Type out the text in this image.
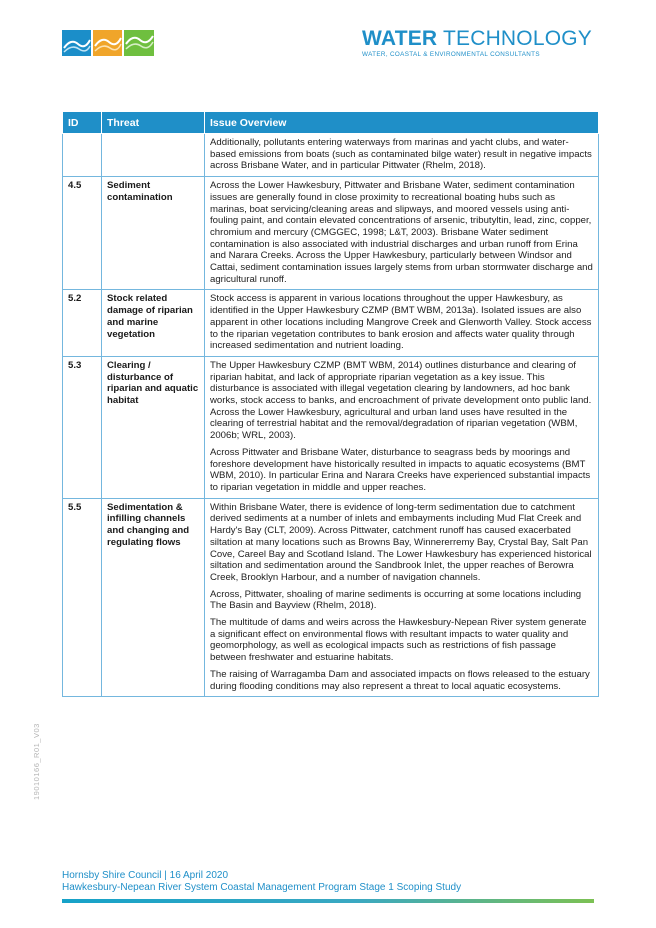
WATER TECHNOLOGY
WATER, COASTAL & ENVIRONMENTAL CONSULTANTS
ID	Threat	Issue Overview

		Additionally, pollutants entering waterways from marinas and yacht clubs, and water-based emissions from boats (such as contaminated bilge water) result in negative impacts across Brisbane Water, and in particular Pittwater (Rhelm, 2018).

4.5	Sediment contamination	Across the Lower Hawkesbury, Pittwater and Brisbane Water, sediment contamination issues are generally found in close proximity to recreational boating hubs such as marinas, boat servicing/cleaning areas and slipways, and moored vessels using anti-fouling paint, and contain elevated concentrations of arsenic, tributyltin, lead, zinc, copper, chromium and mercury (CMGGEC, 1998; L&T, 2003). Brisbane Water sediment contamination is also associated with industrial discharges and urban runoff from Erina and Narara Creeks. Across the Upper Hawkesbury, particularly between Windsor and Cattai, sediment contamination issues largely stems from urban stormwater discharge and agricultural runoff.

5.2	Stock related damage of riparian and marine vegetation	Stock access is apparent in various locations throughout the upper Hawkesbury, as identified in the Upper Hawkesbury CZMP (BMT WBM, 2013a). Isolated issues are also apparent in other locations including Mangrove Creek and Glenworth Valley. Stock access to the riparian vegetation contributes to bank erosion and affects water quality through increased sedimentation and nutrient loading.

5.3	Clearing / disturbance of riparian and aquatic habitat	The Upper Hawkesbury CZMP (BMT WBM, 2014) outlines disturbance and clearing of riparian habitat, and lack of appropriate riparian vegetation as a key issue. This disturbance is associated with illegal vegetation clearing by landowners, ad hoc bank works, stock access to banks, and encroachment of private development onto public land. Across the Lower Hawkesbury, agricultural and urban land uses have resulted in the clearing of terrestrial habitat and the removal/degradation of riparian vegetation (WBM, 2006b; WRL, 2003).

Across Pittwater and Brisbane Water, disturbance to seagrass beds by moorings and foreshore development have historically resulted in impacts to aquatic ecosystems (BMT WBM, 2010). In particular Erina and Narara Creeks have experienced substantial impacts to riparian vegetation in middle and upper reaches.

5.5	Sedimentation & infilling channels and changing and regulating flows	Within Brisbane Water, there is evidence of long-term sedimentation due to catchment derived sediments at a number of inlets and embayments including Mud Flat Creek and Hardy's Bay (CLT, 2009). Across Pittwater, catchment runoff has caused exacerbated siltation at many locations such as Browns Bay, Winnererremy Bay, Crystal Bay, Salt Pan Cove, Careel Bay and Scotland Island. The Lower Hawkesbury has experienced historical siltation and sedimentation around the Sandbrook Inlet, the upper reaches of Berowra Creek, Brooklyn Harbour, and a number of navigation channels.

Across, Pittwater, shoaling of marine sediments is occurring at some locations including The Basin and Bayview (Rhelm, 2018).

The multitude of dams and weirs across the Hawkesbury-Nepean River system generate a significant effect on environmental flows with resultant impacts to water quality and geomorphology, as well as ecological impacts such as restrictions of fish passage between freshwater and estuarine habitats.

The raising of Warragamba Dam and associated impacts on flows released to the estuary during flooding conditions may also represent a threat to local aquatic ecosystems.

19010166_R01_V03
Hornsby Shire Council | 16 April 2020
Hawkesbury-Nepean River System Coastal Management Program Stage 1 Scoping Study
